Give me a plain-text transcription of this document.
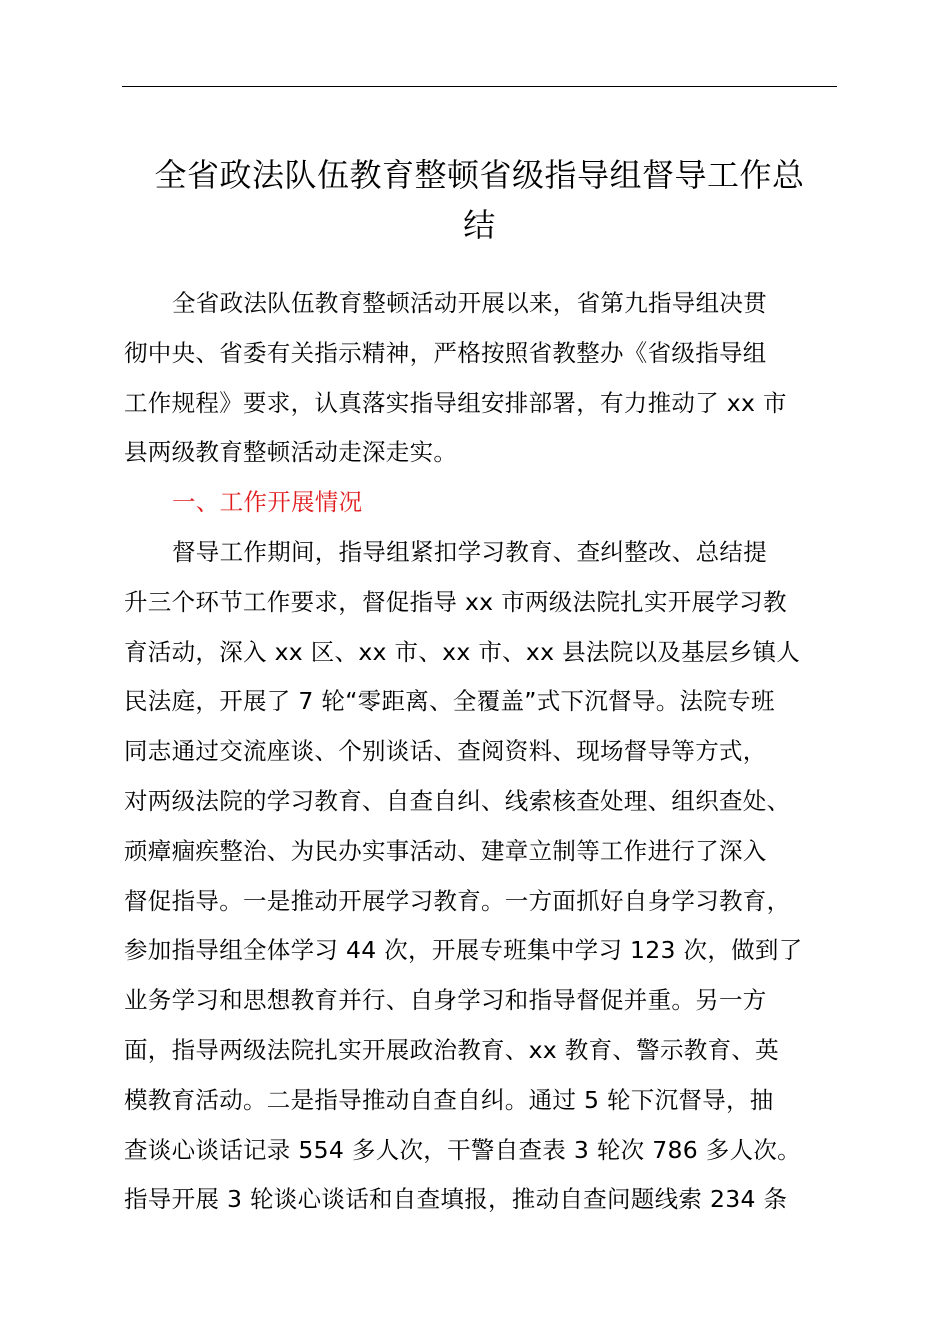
全省政法队伍教育整顿省级指导组督导工作总
结
全省政法队伍教育整顿活动开展以来，省第九指导组决贯
彻中央、省委有关指示精神，严格按照省教整办《省级指导组
工作规程》要求，认真落实指导组安排部署，有力推动了 xx 市
县两级教育整顿活动走深走实。
一、工作开展情况
督导工作期间，指导组紧扣学习教育、查纠整改、总结提
升三个环节工作要求，督促指导 xx 市两级法院扎实开展学习教
育活动，深入 xx 区、xx 市、xx 市、xx 县法院以及基层乡镇人
民法庭，开展了 7 轮“零距离、全覆盖”式下沉督导。法院专班
同志通过交流座谈、个别谈话、查阅资料、现场督导等方式，
对两级法院的学习教育、自查自纠、线索核查处理、组织查处、
顽瘴痼疾整治、为民办实事活动、建章立制等工作进行了深入
督促指导。一是推动开展学习教育。一方面抓好自身学习教育，
参加指导组全体学习 44 次，开展专班集中学习 123 次，做到了
业务学习和思想教育并行、自身学习和指导督促并重。另一方
面，指导两级法院扎实开展政治教育、xx 教育、警示教育、英
模教育活动。二是指导推动自查自纠。通过 5 轮下沉督导，抽
查谈心谈话记录 554 多人次，干警自查表 3 轮次 786 多人次。
指导开展 3 轮谈心谈话和自查填报，推动自查问题线索 234 条
